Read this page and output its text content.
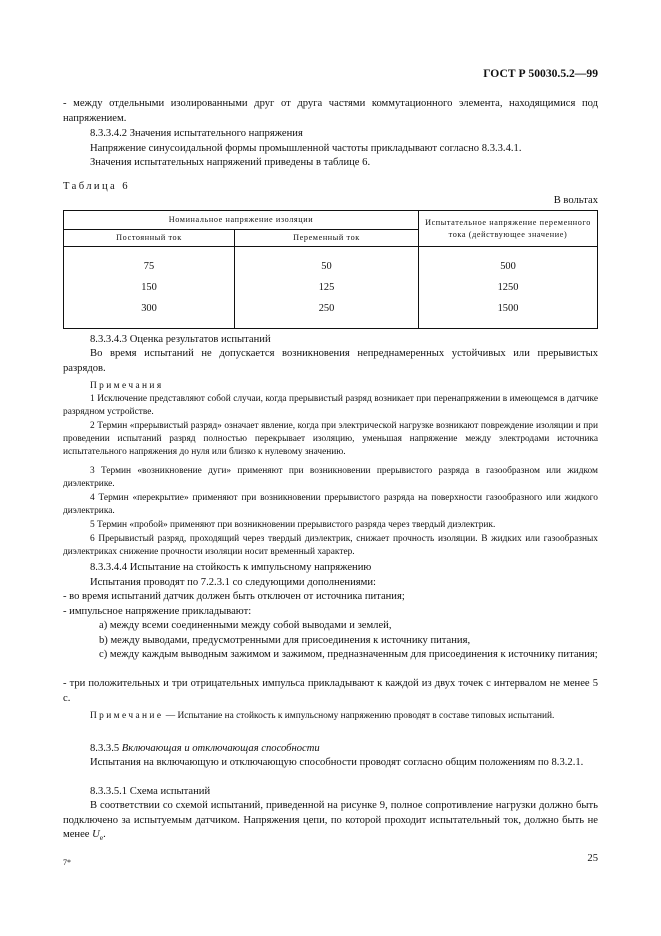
ГОСТ Р 50030.5.2—99

- между отдельными изолированными друг от друга частями коммутационного элемента, находящимися под напряжением.

8.3.3.4.2 Значения испытательного напряжения

Напряжение синусоидальной формы промышленной частоты прикладывают согласно 8.3.3.4.1.

Значения испытательных напряжений приведены в таблице 6.

Таблица 6
В вольтах
Номинальное напряжение изоляции		Испытательное напряжение переменного тока (действующее значение)
Постоянный ток	Переменный ток	
75	50	500
150	125	1250
300	250	1500

8.3.3.4.3 Оценка результатов испытаний

Во время испытаний не допускается возникновения непреднамеренных устойчивых или прерывистых разрядов.

Примечания

1 Исключение представляют собой случаи, когда прерывистый разряд возникает при перенапряжении в имеющемся в датчике разрядном устройстве.

2 Термин «прерывистый разряд» означает явление, когда при электрической нагрузке возникают повреждение изоляции и при проведении испытаний разряд полностью перекрывает изоляцию, уменьшая напряжение между электродами источника испытательного напряжения до нуля или близко к нулевому значению.

3 Термин «возникновение дуги» применяют при возникновении прерывистого разряда в газообразном или жидком диэлектрике.

4 Термин «перекрытие» применяют при возникновении прерывистого разряда на поверхности газообразного или жидкого диэлектрика.

5 Термин «пробой» применяют при возникновении прерывистого разряда через твердый диэлектрик.

6 Прерывистый разряд, проходящий через твердый диэлектрик, снижает прочность изоляции. В жидких или газообразных диэлектриках снижение прочности изоляции носит временный характер.

8.3.3.4.4 Испытание на стойкость к импульсному напряжению

Испытания проводят по 7.2.3.1 со следующими дополнениями:

- во время испытаний датчик должен быть отключен от источника питания;

- импульсное напряжение прикладывают:

a) между всеми соединенными между собой выводами и землей,

b) между выводами, предусмотренными для присоединения к источнику питания,

c) между каждым выводным зажимом и зажимом, предназначенным для присоединения к источнику питания;

- три положительных и три отрицательных импульса прикладывают к каждой из двух точек с интервалом не менее 5 с.

Примечание — Испытание на стойкость к импульсному напряжению проводят в составе типовых испытаний.

8.3.3.5 Включающая и отключающая способности

Испытания на включающую и отключающую способности проводят согласно общим положениям по 8.3.2.1.

8.3.3.5.1 Схема испытаний

В соответствии со схемой испытаний, приведенной на рисунке 9, полное сопротивление нагрузки должно быть подключено за испытуемым датчиком. Напряжения цепи, по которой проходит испытательный ток, должно быть не менее $U_e$.

7*	25
